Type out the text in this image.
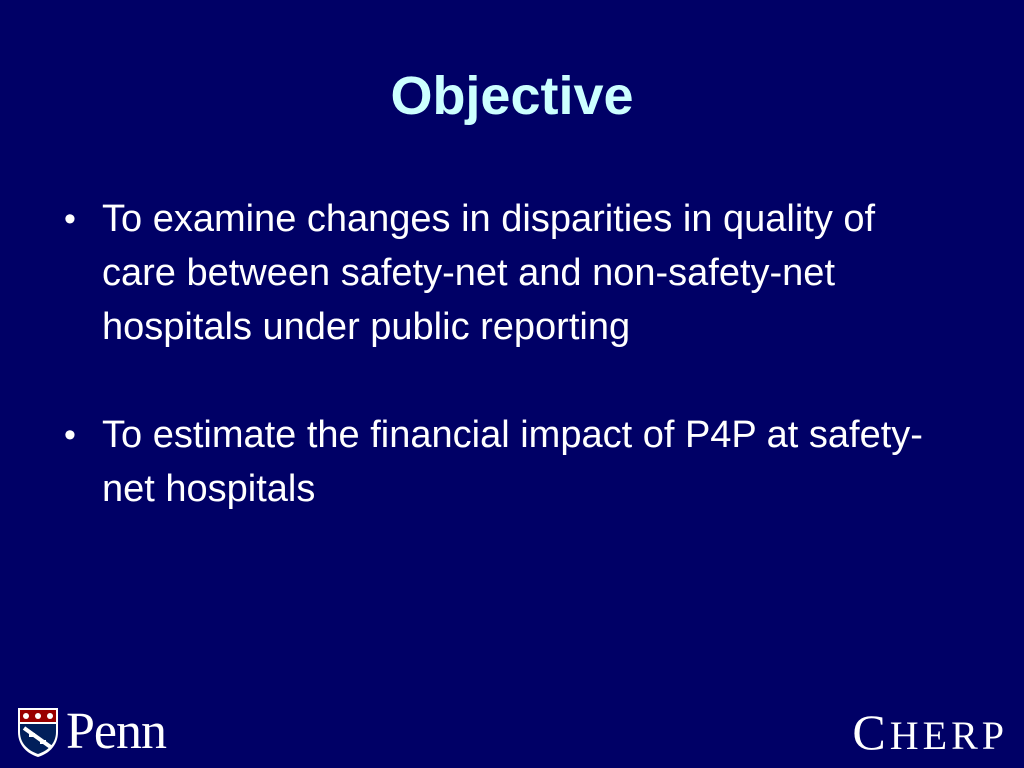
Objective
• To examine changes in disparities in quality of care between safety-net and non-safety-net hospitals under public reporting
• To estimate the financial impact of P4P at safety-net hospitals
Penn	CHERP
